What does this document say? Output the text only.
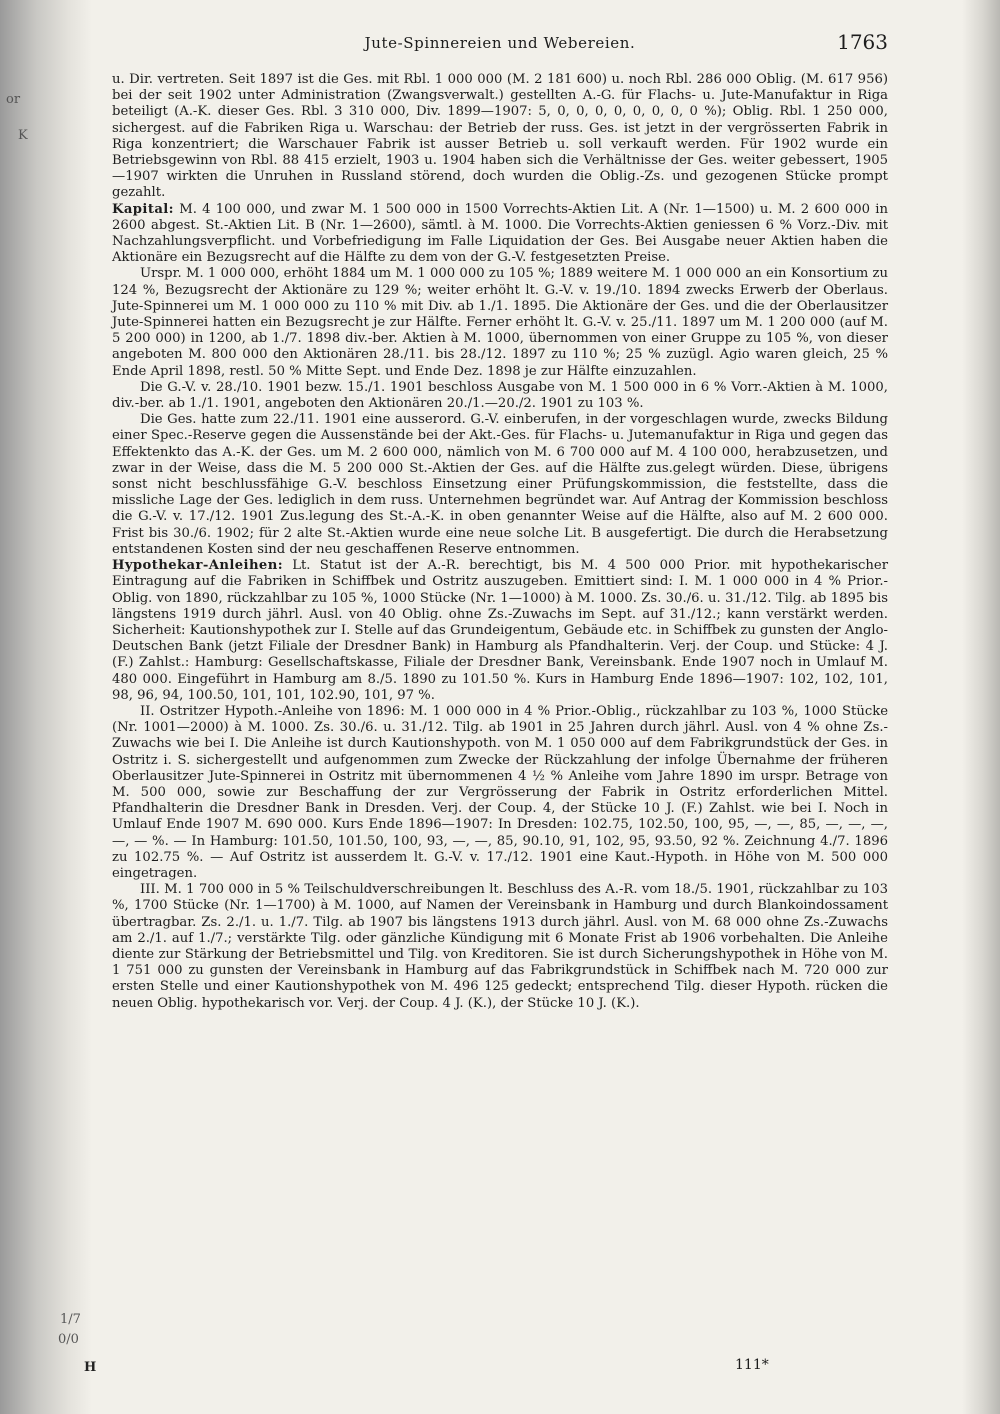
or
K
1/7
0/0
H
Jute-Spinnereien und Webereien.	1763

u. Dir. vertreten. Seit 1897 ist die Ges. mit Rbl. 1 000 000 (M. 2 181 600) u. noch Rbl. 286 000 Oblig. (M. 617 956) bei der seit 1902 unter Administration (Zwangsverwalt.) gestellten A.-G. für Flachs- u. Jute-Manufaktur in Riga beteiligt (A.-K. dieser Ges. Rbl. 3 310 000, Div. 1899—1907: 5, 0, 0, 0, 0, 0, 0, 0, 0 %); Oblig. Rbl. 1 250 000, sichergest. auf die Fabriken Riga u. Warschau: der Betrieb der russ. Ges. ist jetzt in der vergrösserten Fabrik in Riga konzentriert; die Warschauer Fabrik ist ausser Betrieb u. soll verkauft werden. Für 1902 wurde ein Betriebsgewinn von Rbl. 88 415 erzielt, 1903 u. 1904 haben sich die Verhältnisse der Ges. weiter gebessert, 1905—1907 wirkten die Unruhen in Russland störend, doch wurden die Oblig.-Zs. und gezogenen Stücke prompt gezahlt.

Kapital: M. 4 100 000, und zwar M. 1 500 000 in 1500 Vorrechts-Aktien Lit. A (Nr. 1—1500) u. M. 2 600 000 in 2600 abgest. St.-Aktien Lit. B (Nr. 1—2600), sämtl. à M. 1000. Die Vorrechts-Aktien geniessen 6 % Vorz.-Div. mit Nachzahlungsverpflicht. und Vorbefriedigung im Falle Liquidation der Ges. Bei Ausgabe neuer Aktien haben die Aktionäre ein Bezugsrecht auf die Hälfte zu dem von der G.-V. festgesetzten Preise.

Urspr. M. 1 000 000, erhöht 1884 um M. 1 000 000 zu 105 %; 1889 weitere M. 1 000 000 an ein Konsortium zu 124 %, Bezugsrecht der Aktionäre zu 129 %; weiter erhöht lt. G.-V. v. 19./10. 1894 zwecks Erwerb der Oberlaus. Jute-Spinnerei um M. 1 000 000 zu 110 % mit Div. ab 1./1. 1895. Die Aktionäre der Ges. und die der Oberlausitzer Jute-Spinnerei hatten ein Bezugsrecht je zur Hälfte. Ferner erhöht lt. G.-V. v. 25./11. 1897 um M. 1 200 000 (auf M. 5 200 000) in 1200, ab 1./7. 1898 div.-ber. Aktien à M. 1000, übernommen von einer Gruppe zu 105 %, von dieser angeboten M. 800 000 den Aktionären 28./11. bis 28./12. 1897 zu 110 %; 25 % zuzügl. Agio waren gleich, 25 % Ende April 1898, restl. 50 % Mitte Sept. und Ende Dez. 1898 je zur Hälfte einzuzahlen.

Die G.-V. v. 28./10. 1901 bezw. 15./1. 1901 beschloss Ausgabe von M. 1 500 000 in 6 % Vorr.-Aktien à M. 1000, div.-ber. ab 1./1. 1901, angeboten den Aktionären 20./1.—20./2. 1901 zu 103 %.

Die Ges. hatte zum 22./11. 1901 eine ausserord. G.-V. einberufen, in der vorgeschlagen wurde, zwecks Bildung einer Spec.-Reserve gegen die Aussenstände bei der Akt.-Ges. für Flachs- u. Jutemanufaktur in Riga und gegen das Effektenkto das A.-K. der Ges. um M. 2 600 000, nämlich von M. 6 700 000 auf M. 4 100 000, herabzusetzen, und zwar in der Weise, dass die M. 5 200 000 St.-Aktien der Ges. auf die Hälfte zus.gelegt würden. Diese, übrigens sonst nicht beschlussfähige G.-V. beschloss Einsetzung einer Prüfungskommission, die feststellte, dass die missliche Lage der Ges. lediglich in dem russ. Unternehmen begründet war. Auf Antrag der Kommission beschloss die G.-V. v. 17./12. 1901 Zus.legung des St.-A.-K. in oben genannter Weise auf die Hälfte, also auf M. 2 600 000. Frist bis 30./6. 1902; für 2 alte St.-Aktien wurde eine neue solche Lit. B ausgefertigt. Die durch die Herabsetzung entstandenen Kosten sind der neu geschaffenen Reserve entnommen.

Hypothekar-Anleihen: Lt. Statut ist der A.-R. berechtigt, bis M. 4 500 000 Prior. mit hypothekarischer Eintragung auf die Fabriken in Schiffbek und Ostritz auszugeben. Emittiert sind: I. M. 1 000 000 in 4 % Prior.-Oblig. von 1890, rückzahlbar zu 105 %, 1000 Stücke (Nr. 1—1000) à M. 1000. Zs. 30./6. u. 31./12. Tilg. ab 1895 bis längstens 1919 durch jährl. Ausl. von 40 Oblig. ohne Zs.-Zuwachs im Sept. auf 31./12.; kann verstärkt werden. Sicherheit: Kautionshypothek zur I. Stelle auf das Grundeigentum, Gebäude etc. in Schiffbek zu gunsten der Anglo-Deutschen Bank (jetzt Filiale der Dresdner Bank) in Hamburg als Pfandhalterin. Verj. der Coup. und Stücke: 4 J. (F.) Zahlst.: Hamburg: Gesellschaftskasse, Filiale der Dresdner Bank, Vereinsbank. Ende 1907 noch in Umlauf M. 480 000. Eingeführt in Hamburg am 8./5. 1890 zu 101.50 %. Kurs in Hamburg Ende 1896—1907: 102, 102, 101, 98, 96, 94, 100.50, 101, 101, 102.90, 101, 97 %.

II. Ostritzer Hypoth.-Anleihe von 1896: M. 1 000 000 in 4 % Prior.-Oblig., rückzahlbar zu 103 %, 1000 Stücke (Nr. 1001—2000) à M. 1000. Zs. 30./6. u. 31./12. Tilg. ab 1901 in 25 Jahren durch jährl. Ausl. von 4 % ohne Zs.-Zuwachs wie bei I. Die Anleihe ist durch Kautionshypoth. von M. 1 050 000 auf dem Fabrikgrundstück der Ges. in Ostritz i. S. sichergestellt und aufgenommen zum Zwecke der Rückzahlung der infolge Übernahme der früheren Oberlausitzer Jute-Spinnerei in Ostritz mit übernommenen 4 ½ % Anleihe vom Jahre 1890 im urspr. Betrage von M. 500 000, sowie zur Beschaffung der zur Vergrösserung der Fabrik in Ostritz erforderlichen Mittel. Pfandhalterin die Dresdner Bank in Dresden. Verj. der Coup. 4, der Stücke 10 J. (F.) Zahlst. wie bei I. Noch in Umlauf Ende 1907 M. 690 000. Kurs Ende 1896—1907: In Dresden: 102.75, 102.50, 100, 95, —, —, 85, —, —, —, —, — %. — In Hamburg: 101.50, 101.50, 100, 93, —, —, 85, 90.10, 91, 102, 95, 93.50, 92 %. Zeichnung 4./7. 1896 zu 102.75 %. — Auf Ostritz ist ausserdem lt. G.-V. v. 17./12. 1901 eine Kaut.-Hypoth. in Höhe von M. 500 000 eingetragen.

III. M. 1 700 000 in 5 % Teilschuldverschreibungen lt. Beschluss des A.-R. vom 18./5. 1901, rückzahlbar zu 103 %, 1700 Stücke (Nr. 1—1700) à M. 1000, auf Namen der Vereinsbank in Hamburg und durch Blankoindossament übertragbar. Zs. 2./1. u. 1./7. Tilg. ab 1907 bis längstens 1913 durch jährl. Ausl. von M. 68 000 ohne Zs.-Zuwachs am 2./1. auf 1./7.; verstärkte Tilg. oder gänzliche Kündigung mit 6 Monate Frist ab 1906 vorbehalten. Die Anleihe diente zur Stärkung der Betriebsmittel und Tilg. von Kreditoren. Sie ist durch Sicherungshypothek in Höhe von M. 1 751 000 zu gunsten der Vereinsbank in Hamburg auf das Fabrikgrundstück in Schiffbek nach M. 720 000 zur ersten Stelle und einer Kautionshypothek von M. 496 125 gedeckt; entsprechend Tilg. dieser Hypoth. rücken die neuen Oblig. hypothekarisch vor. Verj. der Coup. 4 J. (K.), der Stücke 10 J. (K.).

111*
